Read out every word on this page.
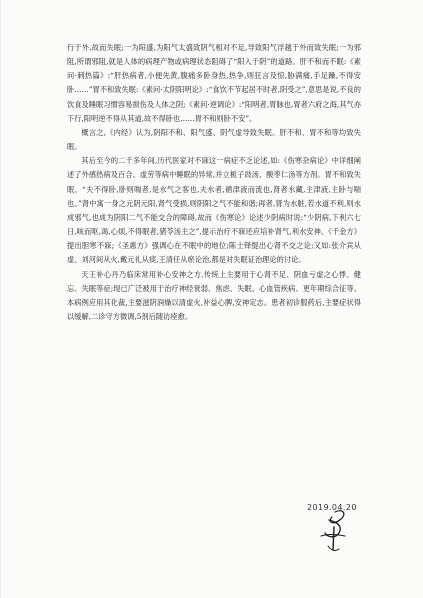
行于外,故而失眠;一为阳盛,为阳气太盛致阴气相对不足,导致阳气浮越于外而致失眠;一为邪阻,所谓邪阻,就是人体的病理产物或病理状态阻碍了“阳入于阴”的道路。肝不和而不眠:《素问·刺热篇》:“肝热病者,小便先黄,腹痛多卧身热,热争,则狂言及惊,胁满痛,手足躁,不得安卧……”胃不和致失眠:《素问·太阴阳明论》:“食饮不节起居不时者,阴受之”,意思是说,不良的饮食及睡眠习惯容易损伤及人体之阴;《素问·逆调论》:“阳明者,胃脉也,胃者六府之海,其气亦下行,阳明逆不得从其道,故不得卧也……胃不和则卧不安”。

概言之,《内经》认为,阴阳不和、阳气盛、阴气虚导致失眠。肝不和、胃不和等均致失眠。

其后至今的二千多年间,历代医家对不寐这一病症不乏论述,如:《伤寒杂病论》中详细阐述了外感热病及百合、虚劳等病中睡眠的异常,并立栀子豉汤、酸枣仁汤等方剂。胃不和致失眠。“夫不得卧,卧则喘者,是水气之客也,夫水者,循津液而流也,肾者水藏,主津液,主卧与喘也。”肾中寓一身之元阴元阳,肾气受损,则阴阳之气不能和谐;再者,肾为水脏,若水道不利,则水成邪气,也成为阴阳二气不能交合的障碍,故而《伤寒论》论述少阴病时说:“少阴病,下利六七日,咳而呕,渴,心烦,不得眠者,猪苓汤主之”,提示治疗不寐还应培补肾气,利水安神。《千金方》提出胆寒不寐;《圣惠方》强调心在不眠中的地位;陈士铎提出心肾不交之论;又如:张介宾从虚、刘河间从火,戴元礼从痰,王清任从瘀论治,都是对失眠证治理论的讨论。

天王补心丹乃临床常用补心安神之方,传统上主要用于心肾不足、阴血亏虚之心悸、健忘、失眠等症;现已广泛被用于治疗神经衰弱、焦虑、失眠、心血管疾病、更年期综合征等。本病例应用其化裁,主要滋阴润燥以清虚火,补益心脾,安神定志。患者初诊服药后,主要症状得以缓解,二诊守方微调,5剂后随访痊愈。

2019.04.20
